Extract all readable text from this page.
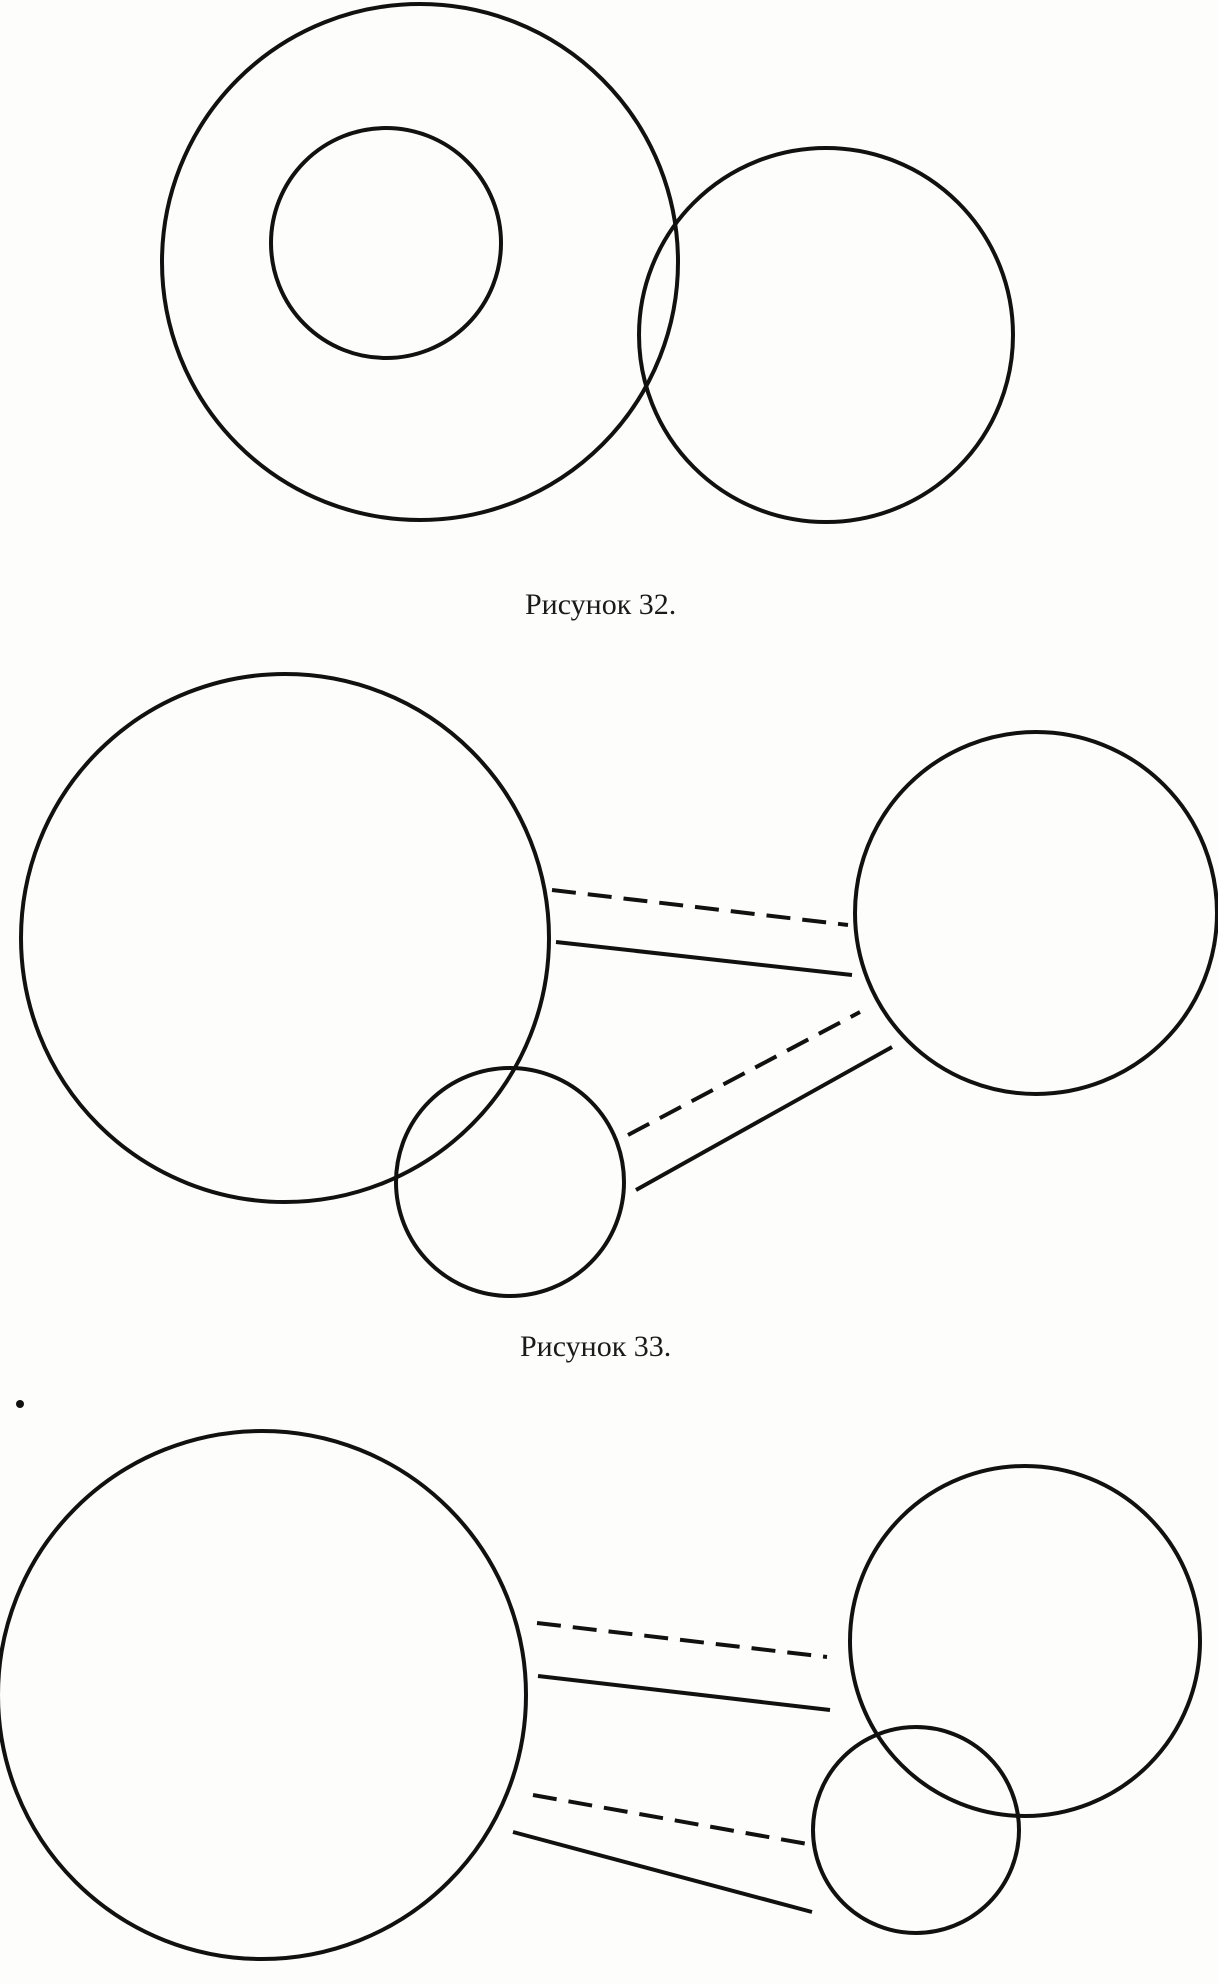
Рисунок 32.
Рисунок 33.
